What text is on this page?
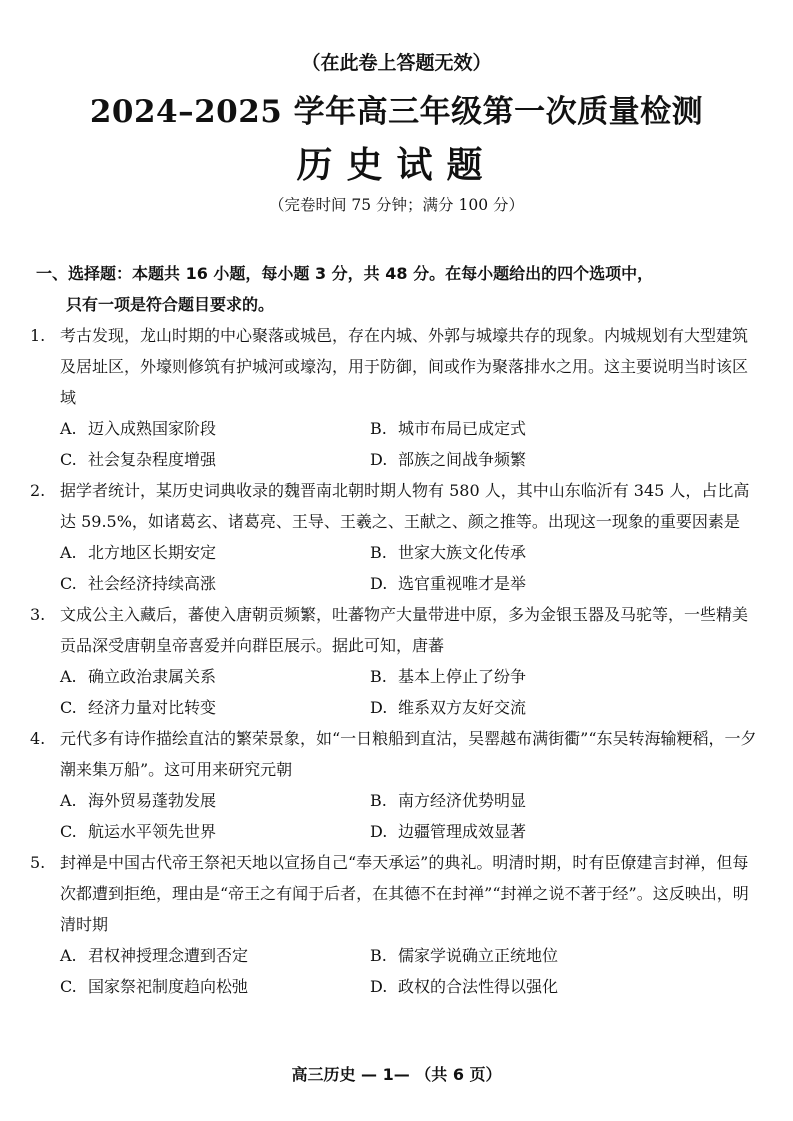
（在此卷上答题无效）
2024–2025 学年高三年级第一次质量检测
历史试题
（完卷时间 75 分钟；满分 100 分）
一、选择题：本题共 16 小题，每小题 3 分，共 48 分。在每小题给出的四个选项中，
只有一项是符合题目要求的。
1. 考古发现，龙山时期的中心聚落或城邑，存在内城、外郭与城壕共存的现象。内城规划有大型建筑及居址区，外壕则修筑有护城河或壕沟，用于防御，间或作为聚落排水之用。这主要说明当时该区域
A. 迈入成熟国家阶段	B. 城市布局已成定式
C. 社会复杂程度增强	D. 部族之间战争频繁
2. 据学者统计，某历史词典收录的魏晋南北朝时期人物有 580 人，其中山东临沂有 345 人，占比高达 59.5%，如诸葛玄、诸葛亮、王导、王羲之、王献之、颜之推等。出现这一现象的重要因素是
A. 北方地区长期安定	B. 世家大族文化传承
C. 社会经济持续高涨	D. 选官重视唯才是举
3. 文成公主入藏后，蕃使入唐朝贡频繁，吐蕃物产大量带进中原，多为金银玉器及马驼等，一些精美贡品深受唐朝皇帝喜爱并向群臣展示。据此可知，唐蕃
A. 确立政治隶属关系	B. 基本上停止了纷争
C. 经济力量对比转变	D. 维系双方友好交流
4. 元代多有诗作描绘直沽的繁荣景象，如“一日粮船到直沽，吴罂越布满街衢”“东吴转海输粳稻，一夕潮来集万船”。这可用来研究元朝
A. 海外贸易蓬勃发展	B. 南方经济优势明显
C. 航运水平领先世界	D. 边疆管理成效显著
5. 封禅是中国古代帝王祭祀天地以宣扬自己“奉天承运”的典礼。明清时期，时有臣僚建言封禅，但每次都遭到拒绝，理由是“帝王之有闻于后者，在其德不在封禅”“封禅之说不著于经”。这反映出，明清时期
A. 君权神授理念遭到否定	B. 儒家学说确立正统地位
C. 国家祭祀制度趋向松弛	D. 政权的合法性得以强化
高三历史 — 1— （共 6 页）
